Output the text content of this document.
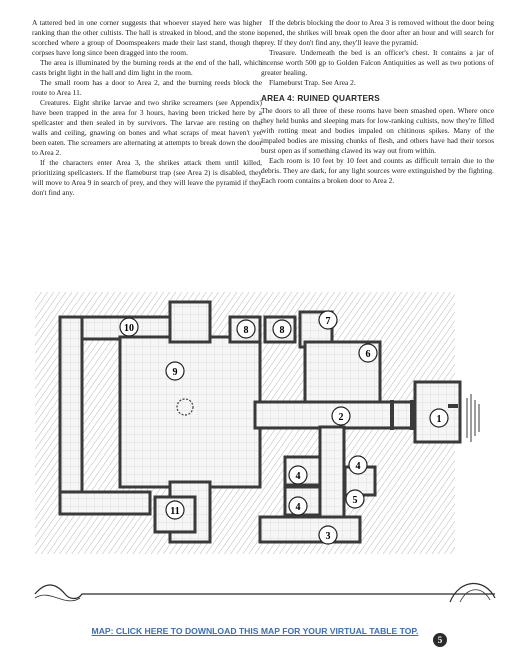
A tattered bed in one corner suggests that whoever stayed here was higher ranking than the other cultists. The hall is streaked in blood, and the stone is scorched where a group of Doomspeakers made their last stand, though the corpses have long since been dragged into the room.

The area is illuminated by the burning reeds at the end of the hall, which casts bright light in the hall and dim light in the room.

The small room has a door to Area 2, and the burning reeds block the route to Area 11.

Creatures. Eight shrike larvae and two shrike screamers (see Appendix) have been trapped in the area for 3 hours, having been tricked here by a spellcaster and then sealed in by survivors. The larvae are resting on the walls and ceiling, gnawing on bones and what scraps of meat haven't yet been eaten. The screamers are alternating at attempts to break down the door to Area 2.

If the characters enter Area 3, the shrikes attack them until killed, prioritizing spellcasters. If the flameburst trap (see Area 2) is disabled, they will move to Area 9 in search of prey, and they will leave the pyramid if they don't find any.

If the debris blocking the door to Area 3 is removed without the door being opened, the shrikes will break open the door after an hour and will search for prey. If they don't find any, they'll leave the pyramid.

Treasure. Underneath the bed is an officer's chest. It contains a jar of incense worth 500 gp to Golden Falcon Antiquities as well as two potions of greater healing.

Flameburst Trap. See Area 2.

AREA 4: RUINED QUARTERS

The doors to all three of these rooms have been smashed open. Where once they held bunks and sleeping mats for low-ranking cultists, now they're filled with rotting meat and bodies impaled on chitinous spikes. Many of the impaled bodies are missing chunks of flesh, and others have had their torsos burst open as if something clawed its way out from within.

Each room is 10 feet by 10 feet and counts as difficult terrain due to the debris. They are dark, for any light sources were extinguished by the fighting. Each room contains a broken door to Area 2.

10
9
8	8
7
6
2	1
4
4
4
5
11
3
MAP: CLICK HERE TO DOWNLOAD THIS MAP FOR YOUR VIRTUAL TABLE TOP.
5
